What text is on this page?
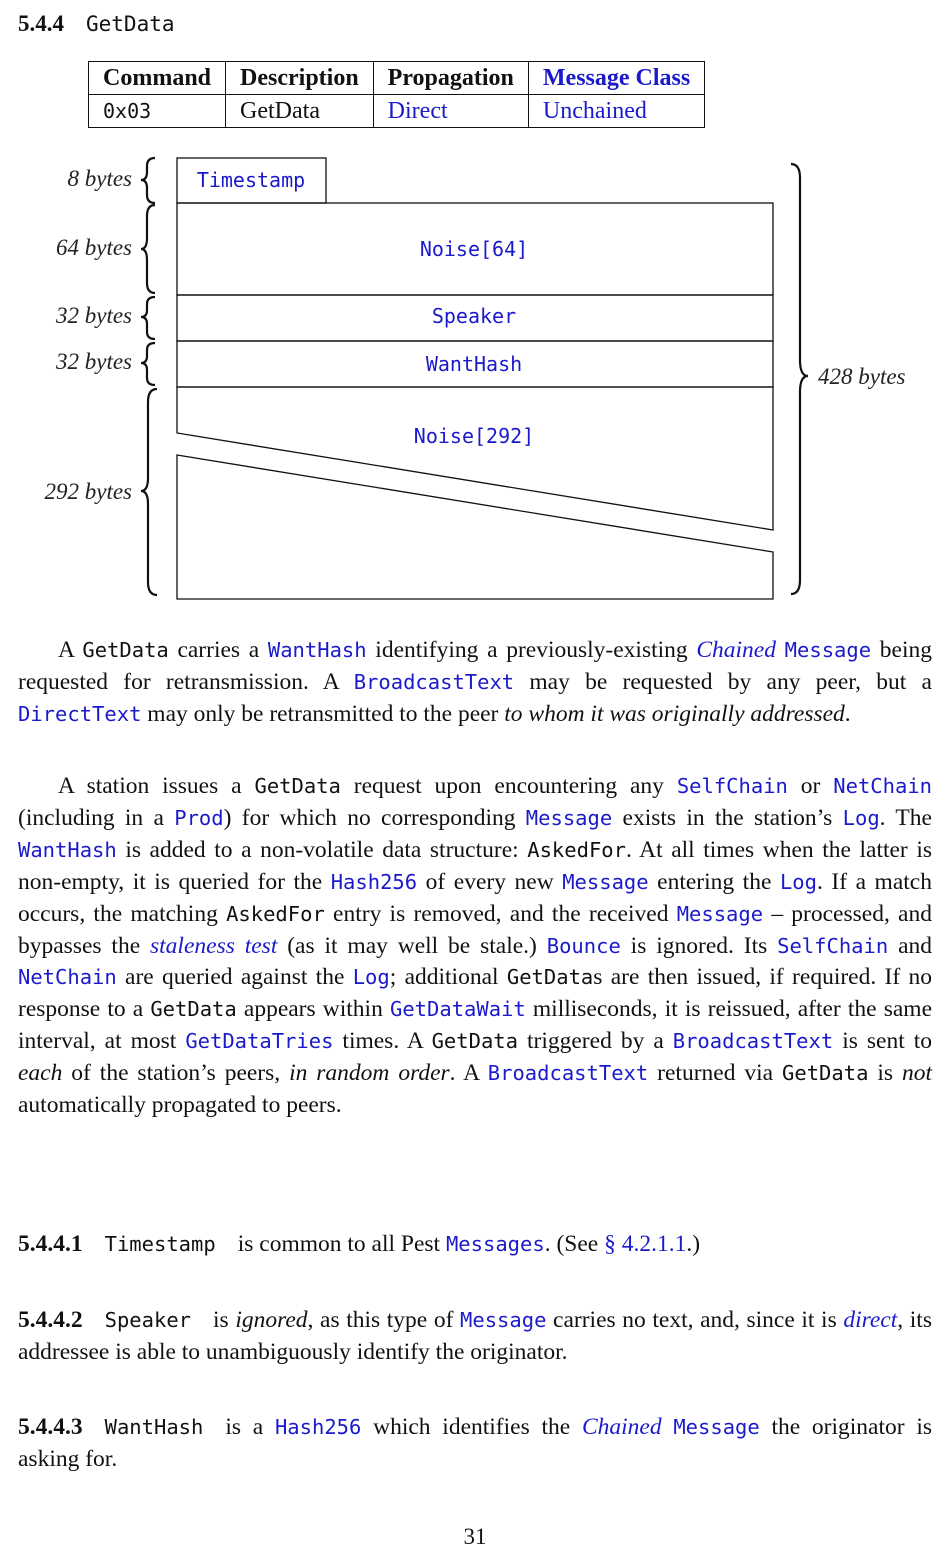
5.4.4 GetData
Command	Description	Propagation	Message Class
0x03	GetData	Direct	Unchained
Timestamp
Noise[64]
Speaker
WantHash
Noise[292]
8 bytes
64 bytes
32 bytes
32 bytes
292 bytes
428 bytes

A GetData carries a WantHash identifying a previously-existing Chained Message being requested for retransmission. A BroadcastText may be requested by any peer, but a DirectText may only be retransmitted to the peer to whom it was originally addressed.

A station issues a GetData request upon encountering any SelfChain or NetChain (including in a Prod) for which no corresponding Message exists in the station’s Log. The WantHash is added to a non-volatile data structure: AskedFor. At all times when the latter is non-empty, it is queried for the Hash256 of every new Message entering the Log. If a match occurs, the matching AskedFor entry is removed, and the received Message – processed, and bypasses the staleness test (as it may well be stale.) Bounce is ignored. Its SelfChain and NetChain are queried against the Log; additional GetDatas are then issued, if required. If no response to a GetData appears within GetDataWait milliseconds, it is reissued, after the same interval, at most GetDataTries times. A GetData triggered by a BroadcastText is sent to each of the station’s peers, in random order. A BroadcastText returned via GetData is not automatically propagated to peers.

5.4.4.1 Timestamp is common to all Pest Messages. (See § 4.2.1.1.)

5.4.4.2 Speaker is ignored, as this type of Message carries no text, and, since it is direct, its addressee is able to unambiguously identify the originator.

5.4.4.3 WantHash is a Hash256 which identifies the Chained Message the originator is asking for.

31
